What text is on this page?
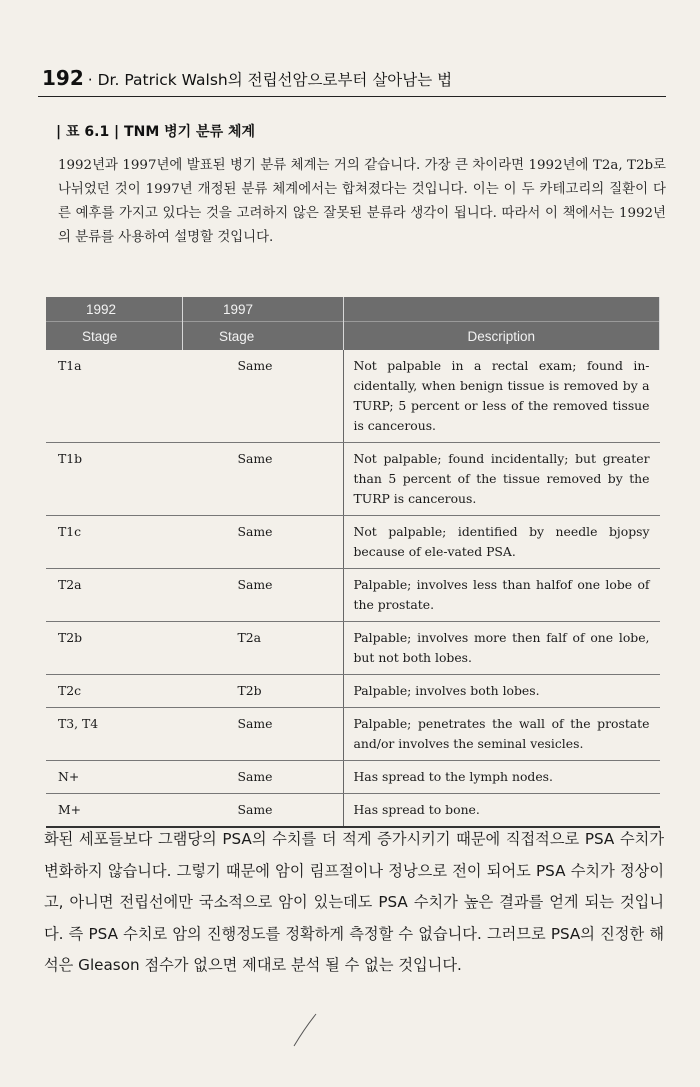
192 · Dr. Patrick Walsh의 전립선암으로부터 살아남는 법
| 표 6.1 | TNM 병기 분류 체계
1992년과 1997년에 발표된 병기 분류 체계는 거의 같습니다. 가장 큰 차이라면 1992년에 T2a, T2b로 나뉘었던 것이 1997년 개정된 분류 체계에서는 합쳐졌다는 것입니다. 이는 이 두 카테고리의 질환이 다른 예후를 가지고 있다는 것을 고려하지 않은 잘못된 분류라 생각이 됩니다. 따라서 이 책에서는 1992년의 분류를 사용하여 설명할 것입니다.
1992	1997	
Stage	Stage	Description
T1a	Same	Not palpable in a rectal exam; found in-cidentally, when benign tissue is removed by a TURP; 5 percent or less of the removed tissue is cancerous.
T1b	Same	Not palpable; found incidentally; but greater than 5 percent of the tissue removed by the TURP is cancerous.
T1c	Same	Not palpable; identified by needle bjopsy because of ele-vated PSA.
T2a	Same	Palpable; involves less than halfof one lobe of the prostate.
T2b	T2a	Palpable; involves more then falf of one lobe, but not both lobes.
T2c	T2b	Palpable; involves both lobes.
T3, T4	Same	Palpable; penetrates the wall of the prostate and/or involves the seminal vesicles.
N+	Same	Has spread to the lymph nodes.
M+	Same	Has spread to bone.
화된 세포들보다 그램당의 PSA의 수치를 더 적게 증가시키기 때문에 직접적으로 PSA 수치가 변화하지 않습니다. 그렇기 때문에 암이 림프절이나 정낭으로 전이 되어도 PSA 수치가 정상이고, 아니면 전립선에만 국소적으로 암이 있는데도 PSA 수치가 높은 결과를 얻게 되는 것입니다. 즉 PSA 수치로 암의 진행정도를 정확하게 측정할 수 없습니다. 그러므로 PSA의 진정한 해석은 Gleason 점수가 없으면 제대로 분석 될 수 없는 것입니다.
